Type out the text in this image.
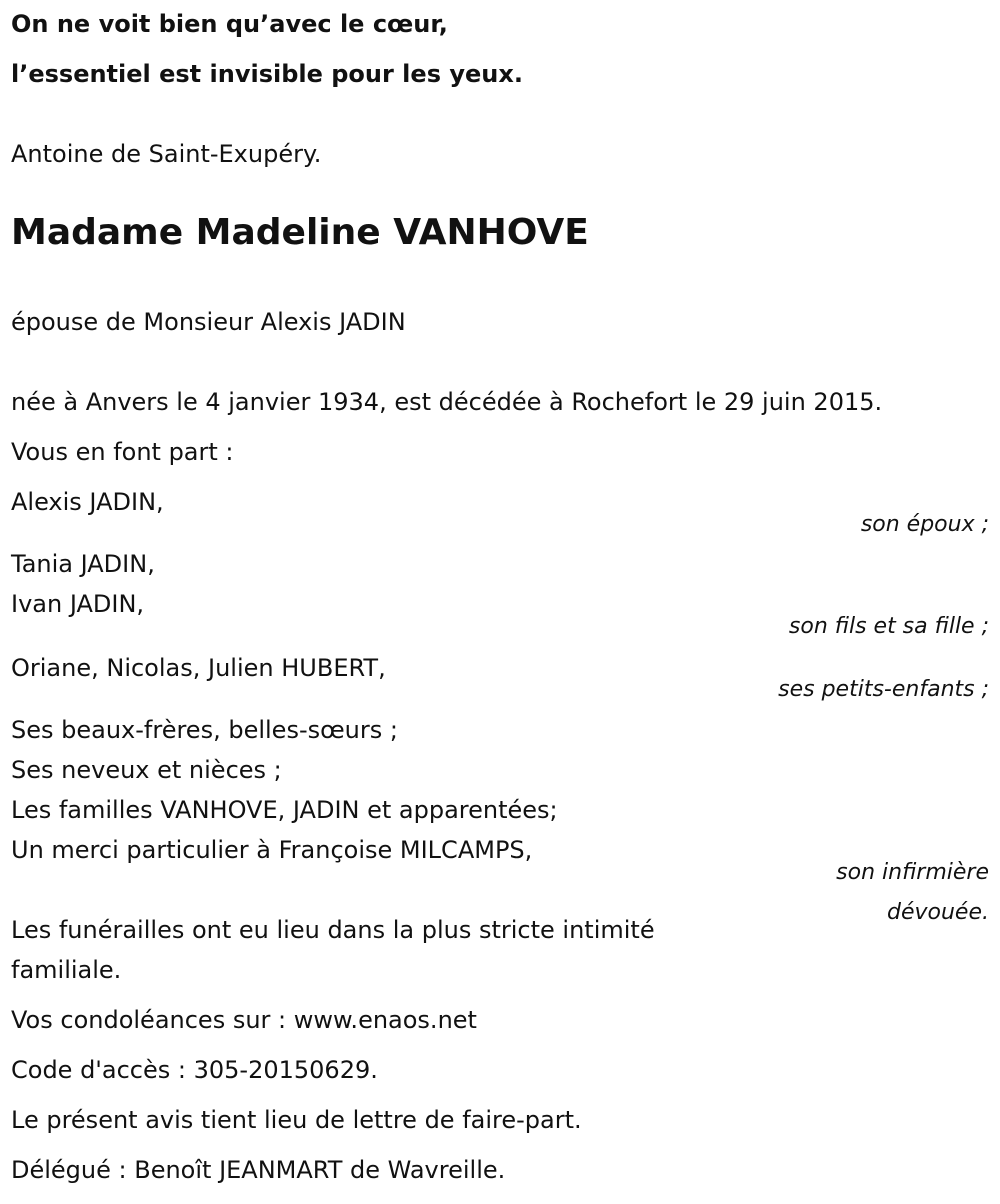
On ne voit bien qu’avec le cœur,
l’essentiel est invisible pour les yeux.
Antoine de Saint-Exupéry.
Madame Madeline VANHOVE
épouse de Monsieur Alexis JADIN
née à Anvers le 4 janvier 1934, est décédée à Rochefort le 29 juin 2015.
Vous en font part :
Alexis JADIN,
son époux ;
Tania JADIN,
Ivan JADIN,
son fils et sa fille ;
Oriane, Nicolas, Julien HUBERT,
ses petits-enfants ;
Ses beaux-frères, belles-sœurs ;
Ses neveux et nièces ;
Les familles VANHOVE, JADIN et apparentées;
Un merci particulier à Françoise MILCAMPS,
son infirmière
dévouée.
Les funérailles ont eu lieu dans la plus stricte intimité
familiale.
Vos condoléances sur : www.enaos.net
Code d'accès : 305-20150629.
Le présent avis tient lieu de lettre de faire-part.
Délégué : Benoît JEANMART de Wavreille.
